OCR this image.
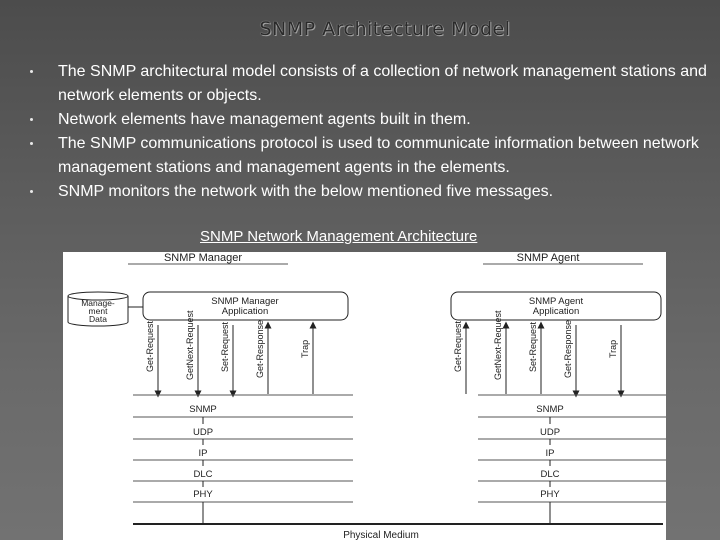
SNMP Architecture Model
The SNMP architectural model consists of a collection of network management stations and network elements or objects.
Network elements have management agents built in them.
The SNMP communications protocol is used to communicate information between network management stations and management agents in the elements.
SNMP monitors the network with the below mentioned five messages.
SNMP Network Management Architecture
SNMP Manager	SNMP Agent
Manage-
ment
Data
SNMP Manager
Application
SNMP Agent
Application
Get-Request	GetNext-Request	Set-Request	Get-Response	Trap	Get-Request	GetNext-Request	Set-Request	Get-Response	Trap
SNMP
UDP
IP
DLC
PHY
SNMP
UDP
IP
DLC
PHY
Physical Medium
